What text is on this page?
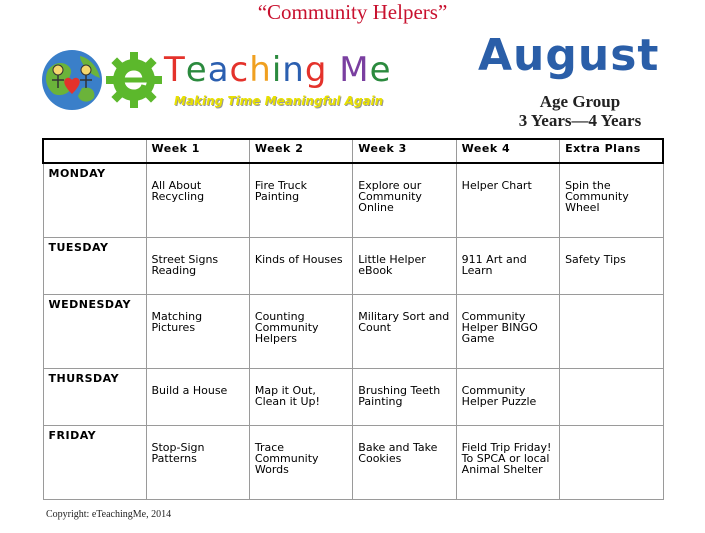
“Community Helpers”
Teaching Me
Making Time Meaningful Again
August
Age Group
3 Years—4 Years
	Week 1	Week 2	Week 3	Week 4	Extra Plans
MONDAY	All About Recycling	Fire Truck Painting	Explore our Community Online	Helper Chart	Spin the Community Wheel
TUESDAY	Street Signs Reading	Kinds of Houses	Little Helper eBook	911 Art and Learn	Safety Tips
WEDNESDAY	Matching Pictures	Counting Community Helpers	Military Sort and Count	Community Helper BINGO Game	
THURSDAY	Build a House	Map it Out, Clean it Up!	Brushing Teeth Painting	Community Helper Puzzle	
FRIDAY	Stop-Sign Patterns	Trace Community Words	Bake and Take Cookies	Field Trip Friday! To SPCA or local Animal Shelter	
Copyright: eTeachingMe, 2014
